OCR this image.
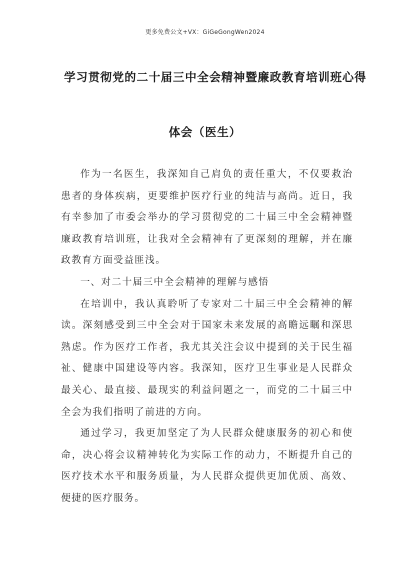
更多免费公文+VX：GiGeGongWen2024
学习贯彻党的二十届三中全会精神暨廉政教育培训班心得
体会（医生）

作为一名医生，我深知自己肩负的责任重大，不仅要救治患者的身体疾病，更要维护医疗行业的纯洁与高尚。近日，我有幸参加了市委会举办的学习贯彻党的二十届三中全会精神暨廉政教育培训班，让我对全会精神有了更深刻的理解，并在廉政教育方面受益匪浅。

一、对二十届三中全会精神的理解与感悟

在培训中，我认真聆听了专家对二十届三中全会精神的解读。深刻感受到三中全会对于国家未来发展的高瞻远瞩和深思熟虑。作为医疗工作者，我尤其关注会议中提到的关于民生福祉、健康中国建设等内容。我深知，医疗卫生事业是人民群众最关心、最直接、最现实的利益问题之一，而党的二十届三中全会为我们指明了前进的方向。

通过学习，我更加坚定了为人民群众健康服务的初心和使命，决心将会议精神转化为实际工作的动力，不断提升自己的医疗技术水平和服务质量，为人民群众提供更加优质、高效、便捷的医疗服务。
